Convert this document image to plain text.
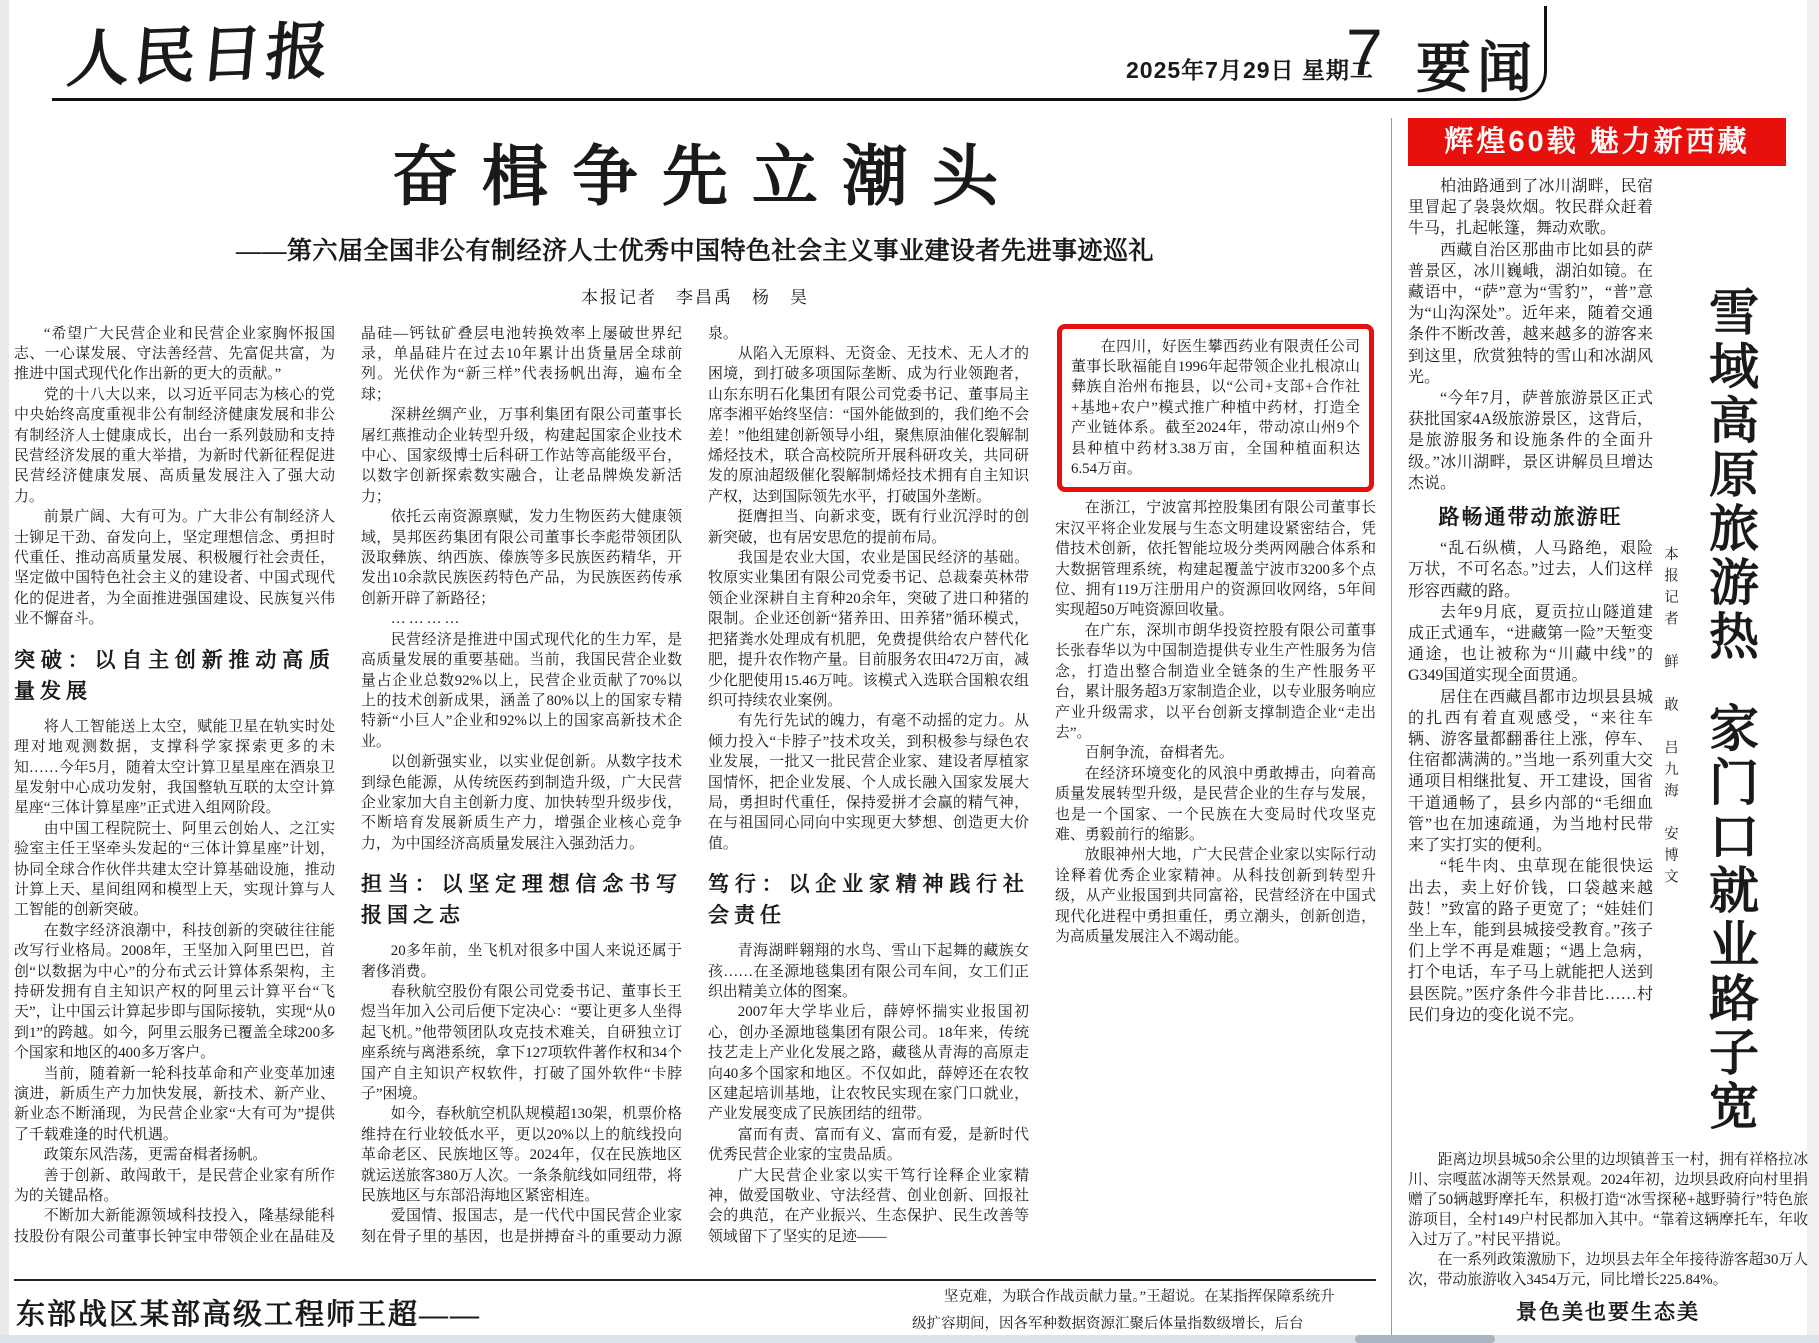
人民日报	2025年7月29日 星期二
7 要闻
奋楫争先立潮头
——第六届全国非公有制经济人士优秀中国特色社会主义事业建设者先进事迹巡礼
本报记者　李昌禹　杨　昊

“希望广大民营企业和民营企业家胸怀报国志、一心谋发展、守法善经营、先富促共富，为推进中国式现代化作出新的更大的贡献。”

党的十八大以来，以习近平同志为核心的党中央始终高度重视非公有制经济健康发展和非公有制经济人士健康成长，出台一系列鼓励和支持民营经济发展的重大举措，为新时代新征程促进民营经济健康发展、高质量发展注入了强大动力。

前景广阔、大有可为。广大非公有制经济人士铆足干劲、奋发向上，坚定理想信念、勇担时代重任、推动高质量发展、积极履行社会责任，坚定做中国特色社会主义的建设者、中国式现代化的促进者，为全面推进强国建设、民族复兴伟业不懈奋斗。

突破：以自主创新推动高质量发展

将人工智能送上太空，赋能卫星在轨实时处理对地观测数据，支撑科学家探索更多的未知……今年5月，随着太空计算卫星星座在酒泉卫星发射中心成功发射，我国整轨互联的太空计算星座“三体计算星座”正式进入组网阶段。

由中国工程院院士、阿里云创始人、之江实验室主任王坚牵头发起的“三体计算星座”计划，协同全球合作伙伴共建太空计算基础设施，推动计算上天、星间组网和模型上天，实现计算与人工智能的创新突破。

在数字经济浪潮中，科技创新的突破往往能改写行业格局。2008年，王坚加入阿里巴巴，首创“以数据为中心”的分布式云计算体系架构，主持研发拥有自主知识产权的阿里云计算平台“飞天”，让中国云计算起步即与国际接轨，实现“从0到1”的跨越。如今，阿里云服务已覆盖全球200多个国家和地区的400多万客户。

当前，随着新一轮科技革命和产业变革加速演进，新质生产力加快发展，新技术、新产业、新业态不断涌现，为民营企业家“大有可为”提供了千载难逢的时代机遇。

政策东风浩荡，更需奋楫者扬帆。

善于创新、敢闯敢干，是民营企业家有所作为的关键品格。

不断加大新能源领域科技投入，隆基绿能科技股份有限公司董事长钟宝申带领企业在晶硅及晶硅—钙钛矿叠层电池转换效率上屡破世界纪录，单晶硅片在过去10年累计出货量居全球前列。光伏作为“新三样”代表扬帆出海，遍布全球；

深耕丝绸产业，万事利集团有限公司董事长屠红燕推动企业转型升级，构建起国家企业技术中心、国家级博士后科研工作站等高能级平台，以数字创新探索数实融合，让老品牌焕发新活力；

依托云南资源禀赋，发力生物医药大健康领域，昊邦医药集团有限公司董事长李彪带领团队汲取彝族、纳西族、傣族等多民族医药精华，开发出10余款民族医药特色产品，为民族医药传承创新开辟了新路径；

…………

民营经济是推进中国式现代化的生力军，是高质量发展的重要基础。当前，我国民营企业数量占企业总数92%以上，民营企业贡献了70%以上的技术创新成果，涵盖了80%以上的国家专精特新“小巨人”企业和92%以上的国家高新技术企业。

以创新强实业，以实业促创新。从数字技术到绿色能源，从传统医药到制造升级，广大民营企业家加大自主创新力度、加快转型升级步伐，不断培育发展新质生产力，增强企业核心竞争力，为中国经济高质量发展注入强劲活力。

担当：以坚定理想信念书写报国之志

20多年前，坐飞机对很多中国人来说还属于奢侈消费。

春秋航空股份有限公司党委书记、董事长王煜当年加入公司后便下定决心：“要让更多人坐得起飞机。”他带领团队攻克技术难关，自研独立订座系统与离港系统，拿下127项软件著作权和34个国产自主知识产权软件，打破了国外软件“卡脖子”困境。

如今，春秋航空机队规模超130架，机票价格维持在行业较低水平，更以20%以上的航线投向革命老区、民族地区等。2024年，仅在民族地区就运送旅客380万人次。一条条航线如同纽带，将民族地区与东部沿海地区紧密相连。

爱国情、报国志，是一代代中国民营企业家刻在骨子里的基因，也是拼搏奋斗的重要动力源泉。

从陷入无原料、无资金、无技术、无人才的困境，到打破多项国际垄断、成为行业领跑者，山东东明石化集团有限公司党委书记、董事局主席李湘平始终坚信：“国外能做到的，我们绝不会差！”他组建创新领导小组，聚焦原油催化裂解制烯烃技术，联合高校院所开展科研攻关，共同研发的原油超级催化裂解制烯烃技术拥有自主知识产权，达到国际领先水平，打破国外垄断。

挺膺担当、向新求变，既有行业沉浮时的创新突破，也有居安思危的提前布局。

我国是农业大国，农业是国民经济的基础。牧原实业集团有限公司党委书记、总裁秦英林带领企业深耕自主育种20余年，突破了进口种猪的限制。企业还创新“猪养田、田养猪”循环模式，把猪粪水处理成有机肥，免费提供给农户替代化肥，提升农作物产量。目前服务农田472万亩，减少化肥使用15.46万吨。该模式入选联合国粮农组织可持续农业案例。

有先行先试的魄力，有毫不动摇的定力。从倾力投入“卡脖子”技术攻关，到积极参与绿色农业发展，一批又一批民营企业家、建设者厚植家国情怀，把企业发展、个人成长融入国家发展大局，勇担时代重任，保持爱拼才会赢的精气神，在与祖国同心同向中实现更大梦想、创造更大价值。

笃行：以企业家精神践行社会责任

青海湖畔翱翔的水鸟、雪山下起舞的藏族女孩……在圣源地毯集团有限公司车间，女工们正织出精美立体的图案。

2007年大学毕业后，薛婷怀揣实业报国初心，创办圣源地毯集团有限公司。18年来，传统技艺走上产业化发展之路，藏毯从青海的高原走向40多个国家和地区。不仅如此，薛婷还在农牧区建起培训基地，让农牧民实现在家门口就业，产业发展变成了民族团结的纽带。

富而有责、富而有义、富而有爱，是新时代优秀民营企业家的宝贵品质。

广大民营企业家以实干笃行诠释企业家精神，做爱国敬业、守法经营、创业创新、回报社会的典范，在产业振兴、生态保护、民生改善等领域留下了坚实的足迹——

在四川，好医生攀西药业有限责任公司董事长耿福能自1996年起带领企业扎根凉山彝族自治州布拖县，以“公司+支部+合作社+基地+农户”模式推广种植中药材，打造全产业链体系。截至2024年，带动凉山州9个县种植中药材3.38万亩，全国种植面积达6.54万亩。

在浙江，宁波富邦控股集团有限公司董事长宋汉平将企业发展与生态文明建设紧密结合，凭借技术创新，依托智能垃圾分类两网融合体系和大数据管理系统，构建起覆盖宁波市3200多个点位、拥有119万注册用户的资源回收网络，5年间实现超50万吨资源回收量。

在广东，深圳市朗华投资控股有限公司董事长张春华以为中国制造提供专业生产性服务为信念，打造出整合制造业全链条的生产性服务平台，累计服务超3万家制造企业，以专业服务响应产业升级需求，以平台创新支撑制造企业“走出去”。

百舸争流，奋楫者先。

在经济环境变化的风浪中勇敢搏击，向着高质量发展转型升级，是民营企业的生存与发展，也是一个国家、一个民族在大变局时代攻坚克难、勇毅前行的缩影。

放眼神州大地，广大民营企业家以实际行动诠释着优秀企业家精神。从科技创新到转型升级，从产业报国到共同富裕，民营经济在中国式现代化进程中勇担重任，勇立潮头，创新创造，为高质量发展注入不竭动能。

东部战区某部高级工程师王超——

坚克难，为联合作战贡献力量。”王超说。在某指挥保障系统升

级扩容期间，因各军种数据资源汇聚后体量指数级增长，后台

辉煌60载 魅力新西藏

柏油路通到了冰川湖畔，民宿里冒起了袅袅炊烟。牧民群众赶着牛马，扎起帐篷，舞动欢歌。

西藏自治区那曲市比如县的萨普景区，冰川巍峨，湖泊如镜。在藏语中，“萨”意为“雪豹”，“普”意为“山沟深处”。近年来，随着交通条件不断改善，越来越多的游客来到这里，欣赏独特的雪山和冰湖风光。

“今年7月，萨普旅游景区正式获批国家4A级旅游景区，这背后，是旅游服务和设施条件的全面升级。”冰川湖畔，景区讲解员旦增达杰说。

路畅通带动旅游旺

“乱石纵横，人马路绝，艰险万状，不可名态。”过去，人们这样形容西藏的路。

去年9月底，夏贡拉山隧道建成正式通车，“进藏第一险”天堑变通途，也让被称为“川藏中线”的G349国道实现全面贯通。

居住在西藏昌都市边坝县县城的扎西有着直观感受，“来往车辆、游客量都翻番往上涨，停车、住宿都满满的。”当地一系列重大交通项目相继批复、开工建设，国省干道通畅了，县乡内部的“毛细血管”也在加速疏通，为当地村民带来了实打实的便利。

“牦牛肉、虫草现在能很快运出去，卖上好价钱，口袋越来越鼓！”致富的路子更宽了；“娃娃们坐上车，能到县城接受教育。”孩子们上学不再是难题；“遇上急病，打个电话，车子马上就能把人送到县医院。”医疗条件今非昔比……村民们身边的变化说不完。

本报记者　鲜　敢　吕九海　安博文
雪域高原旅游热家门口就业路子宽

距离边坝县城50余公里的边坝镇普玉一村，拥有祥格拉冰川、宗嘎蓝冰湖等天然景观。2024年初，边坝县政府向村里捐赠了50辆越野摩托车，积极打造“冰雪探秘+越野骑行”特色旅游项目，全村149户村民都加入其中。“靠着这辆摩托车，年收入过万了。”村民平措说。

在一系列政策激励下，边坝县去年全年接待游客超30万人次，带动旅游收入3454万元，同比增长225.84%。

景色美也要生态美
